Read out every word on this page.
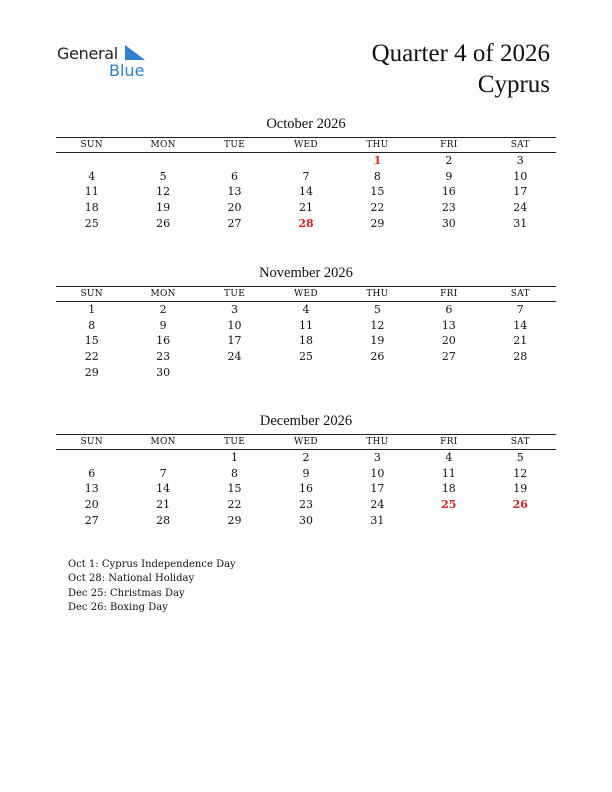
General
Blue
Quarter 4 of 2026
Cyprus
October 2026
SUN	MON	TUE	WED	THU	FRI	SAT
				1	2	3
4	5	6	7	8	9	10
11	12	13	14	15	16	17
18	19	20	21	22	23	24
25	26	27	28	29	30	31
November 2026
SUN	MON	TUE	WED	THU	FRI	SAT
1	2	3	4	5	6	7
8	9	10	11	12	13	14
15	16	17	18	19	20	21
22	23	24	25	26	27	28
29	30					
December 2026
SUN	MON	TUE	WED	THU	FRI	SAT
		1	2	3	4	5
6	7	8	9	10	11	12
13	14	15	16	17	18	19
20	21	22	23	24	25	26
27	28	29	30	31		
Oct 1: Cyprus Independence Day
Oct 28: National Holiday
Dec 25: Christmas Day
Dec 26: Boxing Day
